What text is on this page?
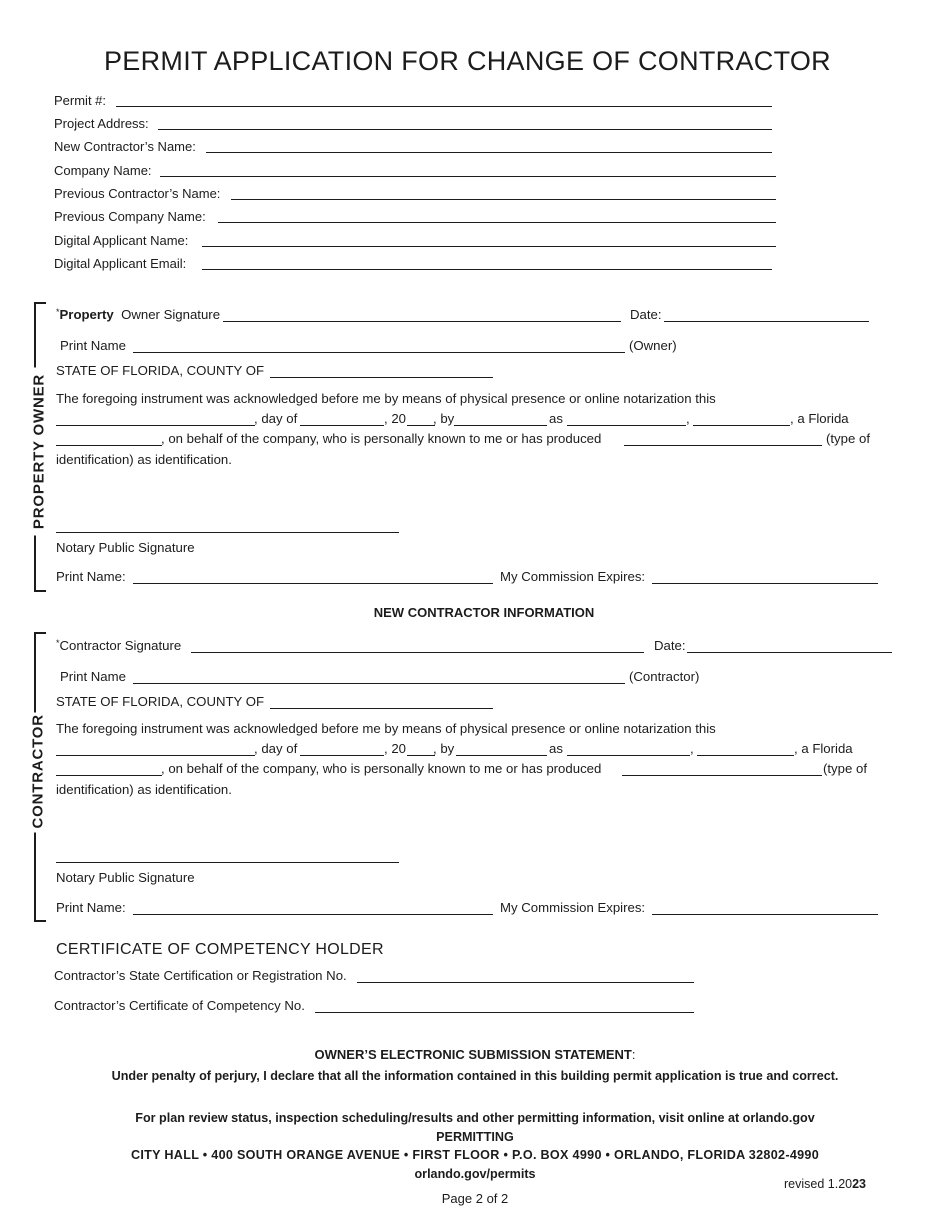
PERMIT APPLICATION FOR CHANGE OF CONTRACTOR
Permit #:
Project Address:
New Contractor’s Name:
Company Name:
Previous Contractor’s Name:
Previous Company Name:
Digital Applicant Name:
Digital Applicant Email:
PROPERTY OWNER
*Property Owner Signature	Date:
Print Name	(Owner)
STATE OF FLORIDA, COUNTY OF
The foregoing instrument was acknowledged before me by means of physical presence or online notarization this
, day of	, 20 , by	as	,	, a Florida
, on behalf of the company, who is personally known to me or has produced	(type of
identification) as identification.
Notary Public Signature
Print Name:	My Commission Expires:
NEW CONTRACTOR INFORMATION
CONTRACTOR
*Contractor Signature	Date:
Print Name	(Contractor)
STATE OF FLORIDA, COUNTY OF
The foregoing instrument was acknowledged before me by means of physical presence or online notarization this
, day of	, 20 , by	as	,	, a Florida
, on behalf of the company, who is personally known to me or has produced	(type of
identification) as identification.
Notary Public Signature
Print Name:	My Commission Expires:
CERTIFICATE OF COMPETENCY HOLDER
Contractor’s State Certification or Registration No.
Contractor’s Certificate of Competency No.
OWNER’S ELECTRONIC SUBMISSION STATEMENT:
Under penalty of perjury, I declare that all the information contained in this building permit application is true and correct.
For plan review status, inspection scheduling/results and other permitting information, visit online at orlando.gov
PERMITTING
CITY HALL • 400 SOUTH ORANGE AVENUE • FIRST FLOOR • P.O. BOX 4990 • ORLANDO, FLORIDA 32802-4990
orlando.gov/permits
revised 1.2023
Page 2 of 2
